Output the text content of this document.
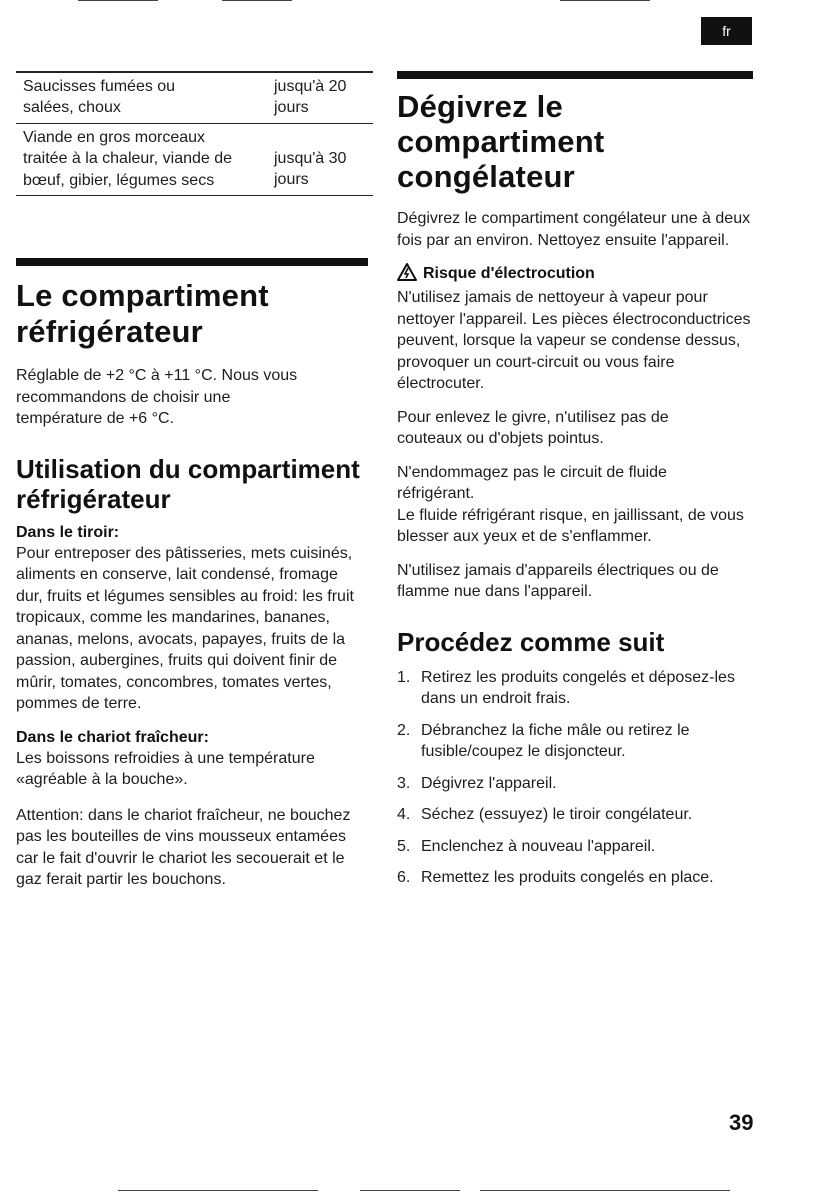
fr
Saucisses fumées ou salées, choux
jusqu'à 20 jours
Viande en gros morceaux traitée à la chaleur, viande de bœuf, gibier, légumes secs
jusqu'à 30 jours
Le compartiment
réfrigérateur

Réglable de +2 °C à +11 °C. Nous vous recommandons de choisir une température de +6 °C.

Utilisation du compartiment
réfrigérateur
Dans le tiroir:

Pour entreposer des pâtisseries, mets cuisinés, aliments en conserve, lait condensé, fromage dur, fruits et légumes sensibles au froid: les fruit tropicaux, comme les mandarines, bananes, ananas, melons, avocats, papayes, fruits de la passion, aubergines, fruits qui doivent finir de mûrir, tomates, concombres, tomates vertes, pommes de terre.

Dans le chariot fraîcheur:

Les boissons refroidies à une température «agréable à la bouche».

Attention: dans le chariot fraîcheur, ne bouchez pas les bouteilles de vins mousseux entamées car le fait d'ouvrir le chariot les secouerait et le gaz ferait partir les bouchons.

Dégivrez le
compartiment
congélateur

Dégivrez le compartiment congélateur une à deux fois par an environ. Nettoyez ensuite l'appareil.

Risque d'électrocution

N'utilisez jamais de nettoyeur à vapeur pour nettoyer l'appareil. Les pièces électroconductrices peuvent, lorsque la vapeur se condense dessus, provoquer un court-circuit ou vous faire électrocuter.

Pour enlevez le givre, n'utilisez pas de couteaux ou d'objets pointus.

N'endommagez pas le circuit de fluide réfrigérant.

Le fluide réfrigérant risque, en jaillissant, de vous blesser aux yeux et de s'enflammer.

N'utilisez jamais d'appareils électriques ou de flamme nue dans l'appareil.

Procédez comme suit
1. Retirez les produits congelés et déposez-les dans un endroit frais.
2. Débranchez la fiche mâle ou retirez le fusible/coupez le disjoncteur.
3. Dégivrez l'appareil.
4. Séchez (essuyez) le tiroir congélateur.
5. Enclenchez à nouveau l'appareil.
6. Remettez les produits congelés en place.
39
